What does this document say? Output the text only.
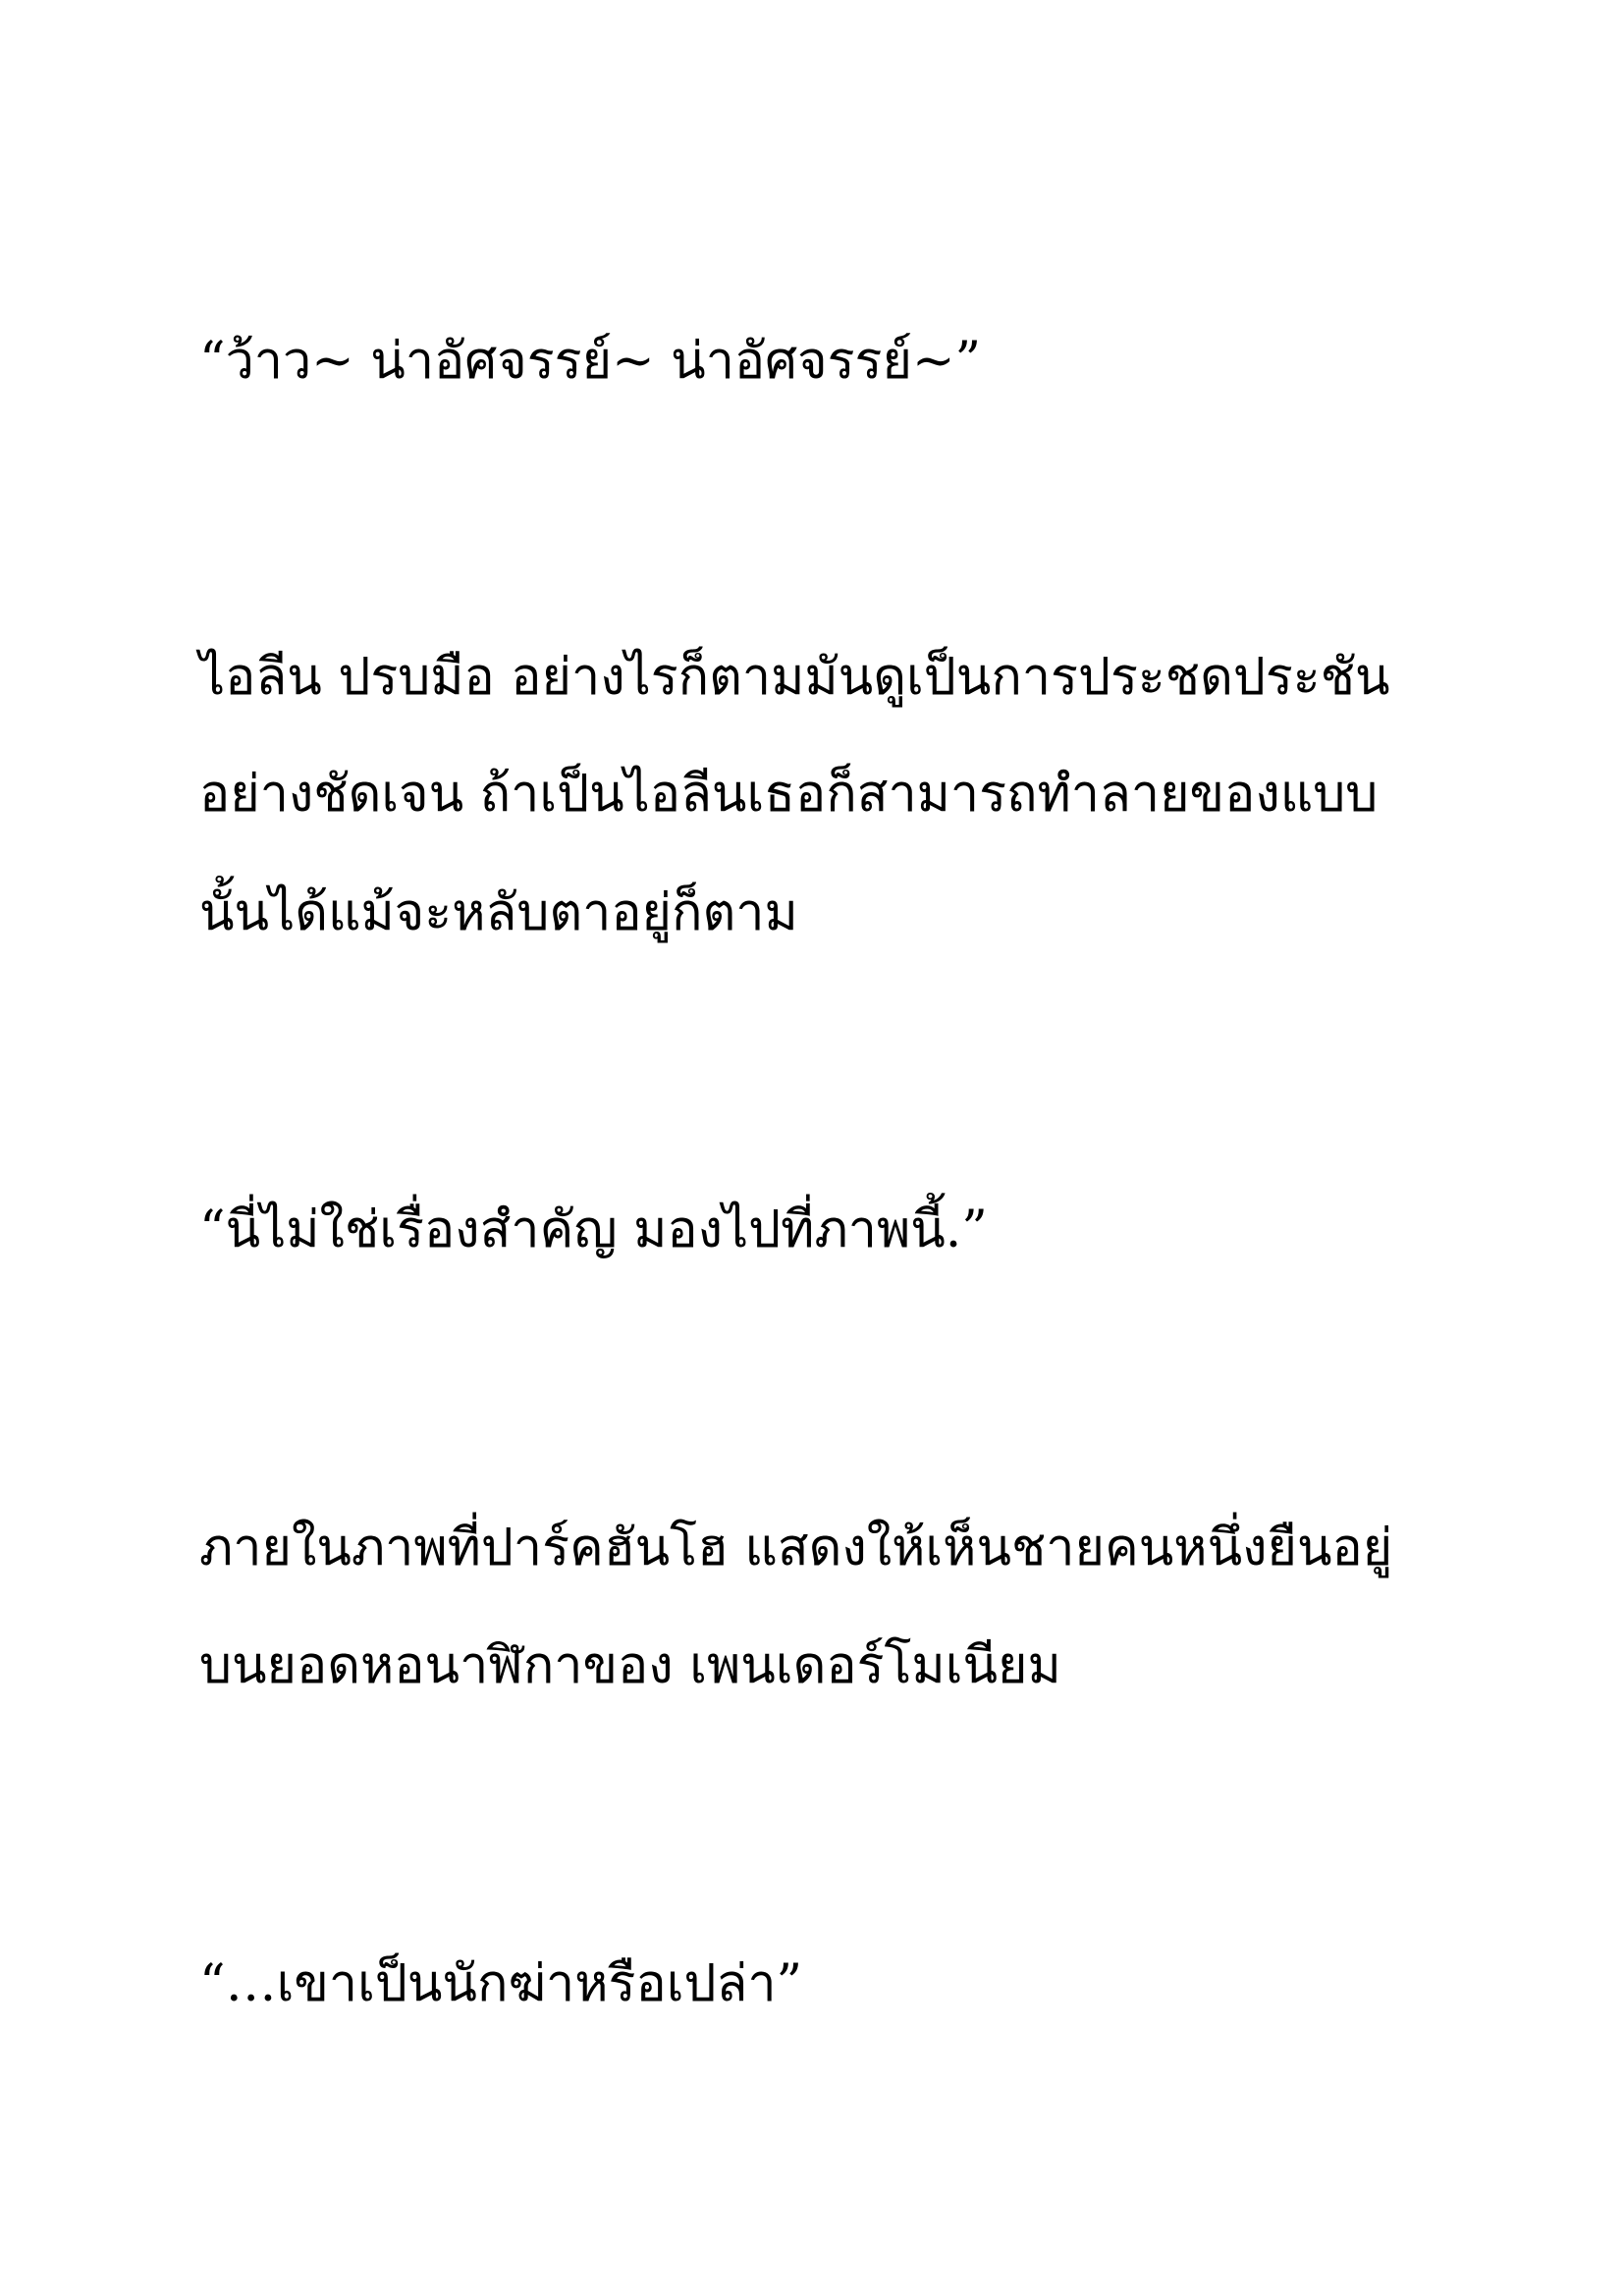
“ว้าว~ น่าอัศจรรย์~ น่าอัศจรรย์~”

ไอลีน ปรบมือ อย่างไรก็ตามมันดูเป็นการประชดประชัน

อย่างชัดเจน ถ้าเป็นไอลีนเธอก็สามารถทำลายของแบบ

นั้นได้แม้จะหลับตาอยู่ก็ตาม

“นี่ไม่ใช่เรื่องสำคัญ มองไปที่ภาพนี้.”

ภายในภาพที่ปาร์คฮันโฮ แสดงให้เห็นชายคนหนึ่งยืนอยู่

บนยอดหอนาฬิกาของ เพนเดอร์โมเนียม

“…เขาเป็นนักฆ่าหรือเปล่า”
